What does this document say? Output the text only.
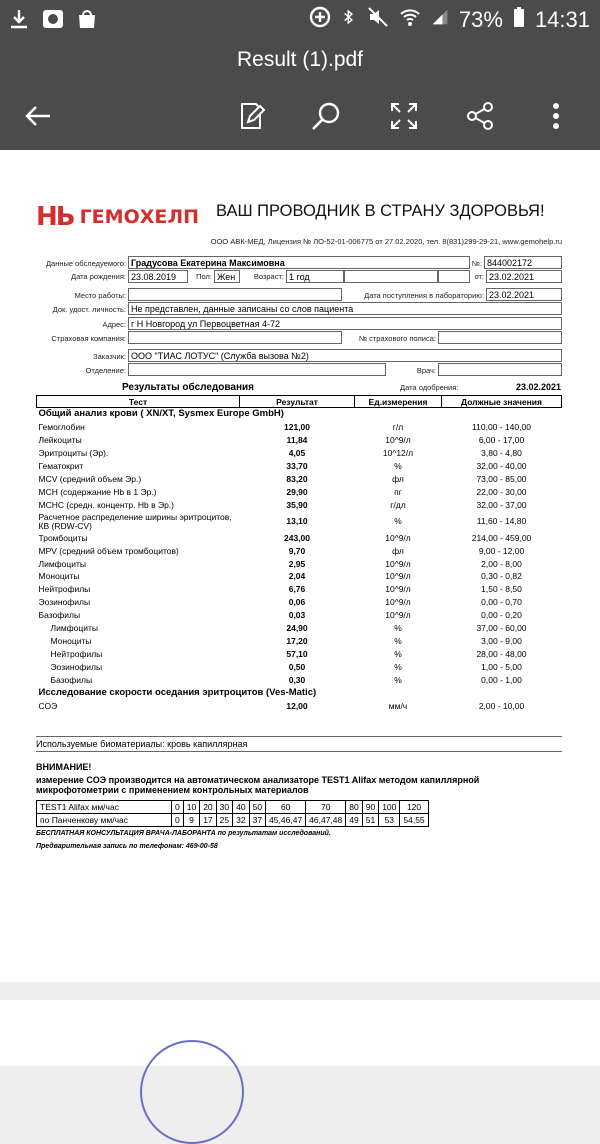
73% 14:31
Result (1).pdf
НЬ ГЕМОХЕЛП ВАШ ПРОВОДНИК В СТРАНУ ЗДОРОВЬЯ!
ООО АВК-МЕД, Лицензия № ЛО-52-01-006775 от 27.02.2020, тел. 8(831)299-29-21, www.gemohelp.ru
Данные обследуемого: Градусова Екатерина Максимовна	№: 844002172
Дата рождения: 23.08.2019	Пол: Жен	Возраст: 1 год	от: 23.02.2021
Место работы:	Дата поступления в лабораторию: 23.02.2021
Док. удост. личность: Не представлен, данные записаны со слов пациента
Адрес: г Н Новгород ул Первоцветная 4-72
Страховая компания:	№ страхового полиса:
Заказчик: ООО "ТИАС ЛОТУС" (Служба вызова №2)
Отделение:	Врач:
Результаты обследования	Дата одобрения:	23.02.2021
Тест	Результат	Ед.измерения	Должные значения
Общий анализ крови ( XN/XT, Sysmex Europe GmbH)			
Гемоглобин	121,00	г/л	110,00 - 140,00
Лейкоциты	11,84	10^9/л	6,00 - 17,00
Эритроциты (Эр).	4,05	10^12/л	3,80 - 4,80
Гематокрит	33,70	%	32,00 - 40,00
MCV (средний объем Эр.)	83,20	фл	73,00 - 85,00
МСН (содержание Hb в 1 Эр.)	29,90	пг	22,00 - 30,00
МСНС (средн. концентр. Hb в Эр.)	35,90	г/дл	32,00 - 37,00
Расчетное распределение ширины эритроцитов, КВ (RDW-CV)	13,10	%	11,60 - 14,80
Тромбоциты	243,00	10^9/л	214,00 - 459,00
MPV (средний объем тромбоцитов)	9,70	фл	9,00 - 12,00
Лимфоциты	2,95	10^9/л	2,00 - 8,00
Моноциты	2,04	10^9/л	0,30 - 0,82
Нейтрофилы	6,76	10^9/л	1,50 - 8,50
Эозинофилы	0,06	10^9/л	0,00 - 0,70
Базофилы	0,03	10^9/л	0,00 - 0,20
Лимфоциты	24,90	%	37,00 - 60,00
Моноциты	17,20	%	3,00 - 9,00
Нейтрофилы	57,10	%	28,00 - 48,00
Эозинофилы	0,50	%	1,00 - 5,00
Базофилы	0,30	%	0,00 - 1,00
Исследование скорости оседания эритроцитов (Ves-Matic)			
СОЭ	12,00	мм/ч	2,00 - 10,00
Используемые биоматериалы: кровь капиллярная
ВНИМАНИЕ!
измерение СОЭ производится на автоматическом анализаторе TEST1 Alifax методом капиллярной микрофотометрии с применением контрольных материалов
TEST1 Alifax мм/час	0	10	20	30	40	50	60	70	80	90	100	120
по Панченкову мм/час	0	9	17	25	32	37	45,46,47	46,47,48	49	51	53	54,55
БЕСПЛАТНАЯ КОНСУЛЬТАЦИЯ ВРАЧА-ЛАБОРАНТА по результатам исследований.
Предварительная запись по телефонам: 469-00-58
